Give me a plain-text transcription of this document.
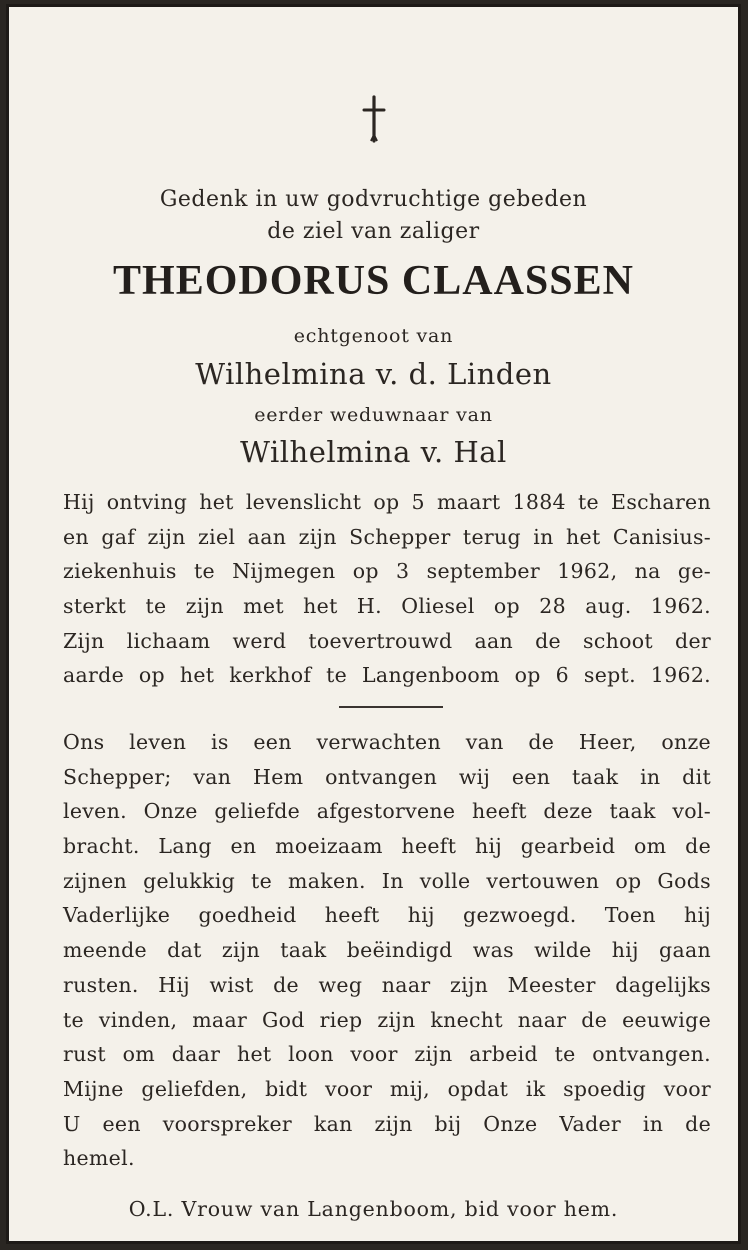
Gedenk in uw godvruchtige gebeden
de ziel van zaliger
THEODORUS CLAASSEN
echtgenoot van
Wilhelmina v. d. Linden
eerder weduwnaar van
Wilhelmina v. Hal
Hij ontving het levenslicht op 5 maart 1884 te Escharen
en gaf zijn ziel aan zijn Schepper terug in het Canisius-
ziekenhuis te Nijmegen op 3 september 1962, na ge-
sterkt te zijn met het H. Oliesel op 28 aug. 1962.
Zijn lichaam werd toevertrouwd aan de schoot der
aarde op het kerkhof te Langenboom op 6 sept. 1962.
Ons leven is een verwachten van de Heer, onze
Schepper; van Hem ontvangen wij een taak in dit
leven. Onze geliefde afgestorvene heeft deze taak vol-
bracht. Lang en moeizaam heeft hij gearbeid om de
zijnen gelukkig te maken. In volle vertouwen op Gods
Vaderlijke goedheid heeft hij gezwoegd. Toen hij
meende dat zijn taak beëindigd was wilde hij gaan
rusten. Hij wist de weg naar zijn Meester dagelijks
te vinden, maar God riep zijn knecht naar de eeuwige
rust om daar het loon voor zijn arbeid te ontvangen.
Mijne geliefden, bidt voor mij, opdat ik spoedig voor
U een voorspreker kan zijn bij Onze Vader in de
hemel.
O.L. Vrouw van Langenboom, bid voor hem.
